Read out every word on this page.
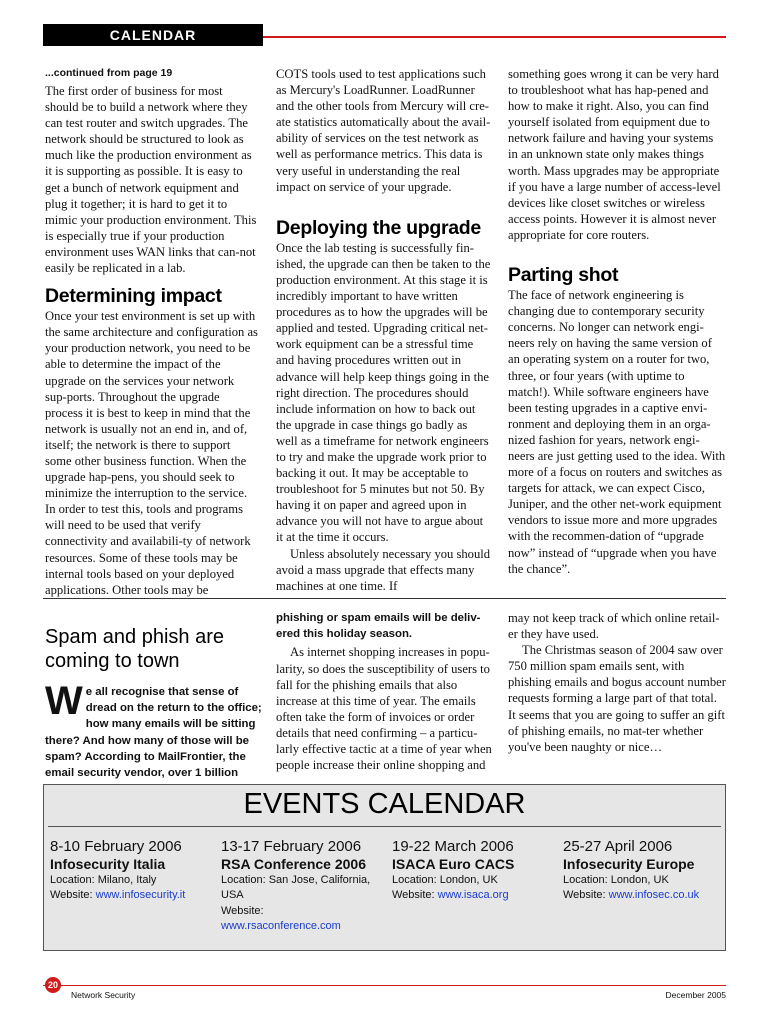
CALENDAR
...continued from page 19

The first order of business for most should be to build a network where they can test router and switch upgrades. The network should be structured to look as much like the production environment as it is supporting as possible. It is easy to get a bunch of network equipment and plug it together; it is hard to get it to mimic your production environment. This is especially true if your production environment uses WAN links that can-not easily be replicated in a lab.

Determining impact

Once your test environment is set up with the same architecture and configuration as your production network, you need to be able to determine the impact of the upgrade on the services your network sup-ports. Throughout the upgrade process it is best to keep in mind that the network is usually not an end in, and of, itself; the network is there to support some other business function. When the upgrade hap-pens, you should seek to minimize the interruption to the service. In order to test this, tools and programs will need to be used that verify connectivity and availabili-ty of network resources. Some of these tools may be internal tools based on your deployed applications. Other tools may be

COTS tools used to test applications such as Mercury's LoadRunner. LoadRunner and the other tools from Mercury will cre-ate statistics automatically about the avail-ability of services on the test network as well as performance metrics. This data is very useful in understanding the real impact on service of your upgrade.

Deploying the upgrade

Once the lab testing is successfully fin-ished, the upgrade can then be taken to the production environment. At this stage it is incredibly important to have written procedures as to how the upgrades will be applied and tested. Upgrading critical net-work equipment can be a stressful time and having procedures written out in advance will help keep things going in the right direction. The procedures should include information on how to back out the upgrade in case things go badly as well as a timeframe for network engineers to try and make the upgrade work prior to backing it out. It may be acceptable to troubleshoot for 5 minutes but not 50. By having it on paper and agreed upon in advance you will not have to argue about it at the time it occurs.

Unless absolutely necessary you should avoid a mass upgrade that effects many machines at one time. If

something goes wrong it can be very hard to troubleshoot what has hap-pened and how to make it right. Also, you can find yourself isolated from equipment due to network failure and having your systems in an unknown state only makes things worth. Mass upgrades may be appropriate if you have a large number of access-level devices like closet switches or wireless access points. However it is almost never appropriate for core routers.

Parting shot

The face of network engineering is changing due to contemporary security concerns. No longer can network engi-neers rely on having the same version of an operating system on a router for two, three, or four years (with uptime to match!). While software engineers have been testing upgrades in a captive envi-ronment and deploying them in an orga-nized fashion for years, network engi-neers are just getting used to the idea. With more of a focus on routers and switches as targets for attack, we can expect Cisco, Juniper, and the other net-work equipment vendors to issue more and more upgrades with the recommen-dation of “upgrade now” instead of “upgrade when you have the chance”.

Spam and phish are coming to town
We all recognise that sense of dread on the return to the office; how many emails will be sitting there? And how many of those will be spam? According to MailFrontier, the email security vendor, over 1 billion

phishing or spam emails will be deliv-ered this holiday season.

As internet shopping increases in popu-larity, so does the susceptibility of users to fall for the phishing emails that also increase at this time of year. The emails often take the form of invoices or order details that need confirming – a particu-larly effective tactic at a time of year when people increase their online shopping and

may not keep track of which online retail-er they have used.

The Christmas season of 2004 saw over 750 million spam emails sent, with phishing emails and bogus account number requests forming a large part of that total. It seems that you are going to suffer an gift of phishing emails, no mat-ter whether you've been naughty or nice…

EVENTS CALENDAR
8-10 February 2006
Infosecurity Italia
Location: Milano, Italy
Website: www.infosecurity.it
13-17 February 2006
RSA Conference 2006
Location: San Jose, California, USA
Website: www.rsaconference.com
19-22 March 2006
ISACA Euro CACS
Location: London, UK
Website: www.isaca.org
25-27 April 2006
Infosecurity Europe
Location: London, UK
Website: www.infosec.co.uk
20
Network Security	December 2005
